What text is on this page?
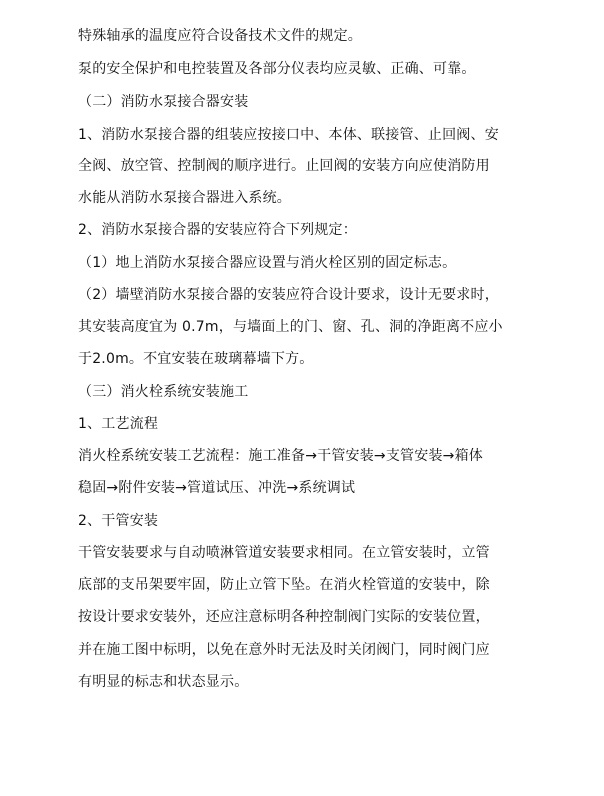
特殊轴承的温度应符合设备技术文件的规定。
泵的安全保护和电控装置及各部分仪表均应灵敏、正确、可靠。
（二）消防水泵接合器安装
1、消防水泵接合器的组装应按接口中、本体、联接管、止回阀、安
全阀、放空管、控制阀的顺序进行。止回阀的安装方向应使消防用
水能从消防水泵接合器进入系统。
2、消防水泵接合器的安装应符合下列规定：
（1）地上消防水泵接合器应设置与消火栓区别的固定标志。
（2）墙壁消防水泵接合器的安装应符合设计要求，设计无要求时，
其安装高度宜为 0.7m，与墙面上的门、窗、孔、洞的净距离不应小
于2.0m。不宜安装在玻璃幕墙下方。
（三）消火栓系统安装施工
1、工艺流程
消火栓系统安装工艺流程：施工准备→干管安装→支管安装→箱体
稳固→附件安装→管道试压、冲洗→系统调试
2、干管安装
干管安装要求与自动喷淋管道安装要求相同。在立管安装时，立管
底部的支吊架要牢固，防止立管下坠。在消火栓管道的安装中，除
按设计要求安装外，还应注意标明各种控制阀门实际的安装位置，
并在施工图中标明，以免在意外时无法及时关闭阀门，同时阀门应
有明显的标志和状态显示。
